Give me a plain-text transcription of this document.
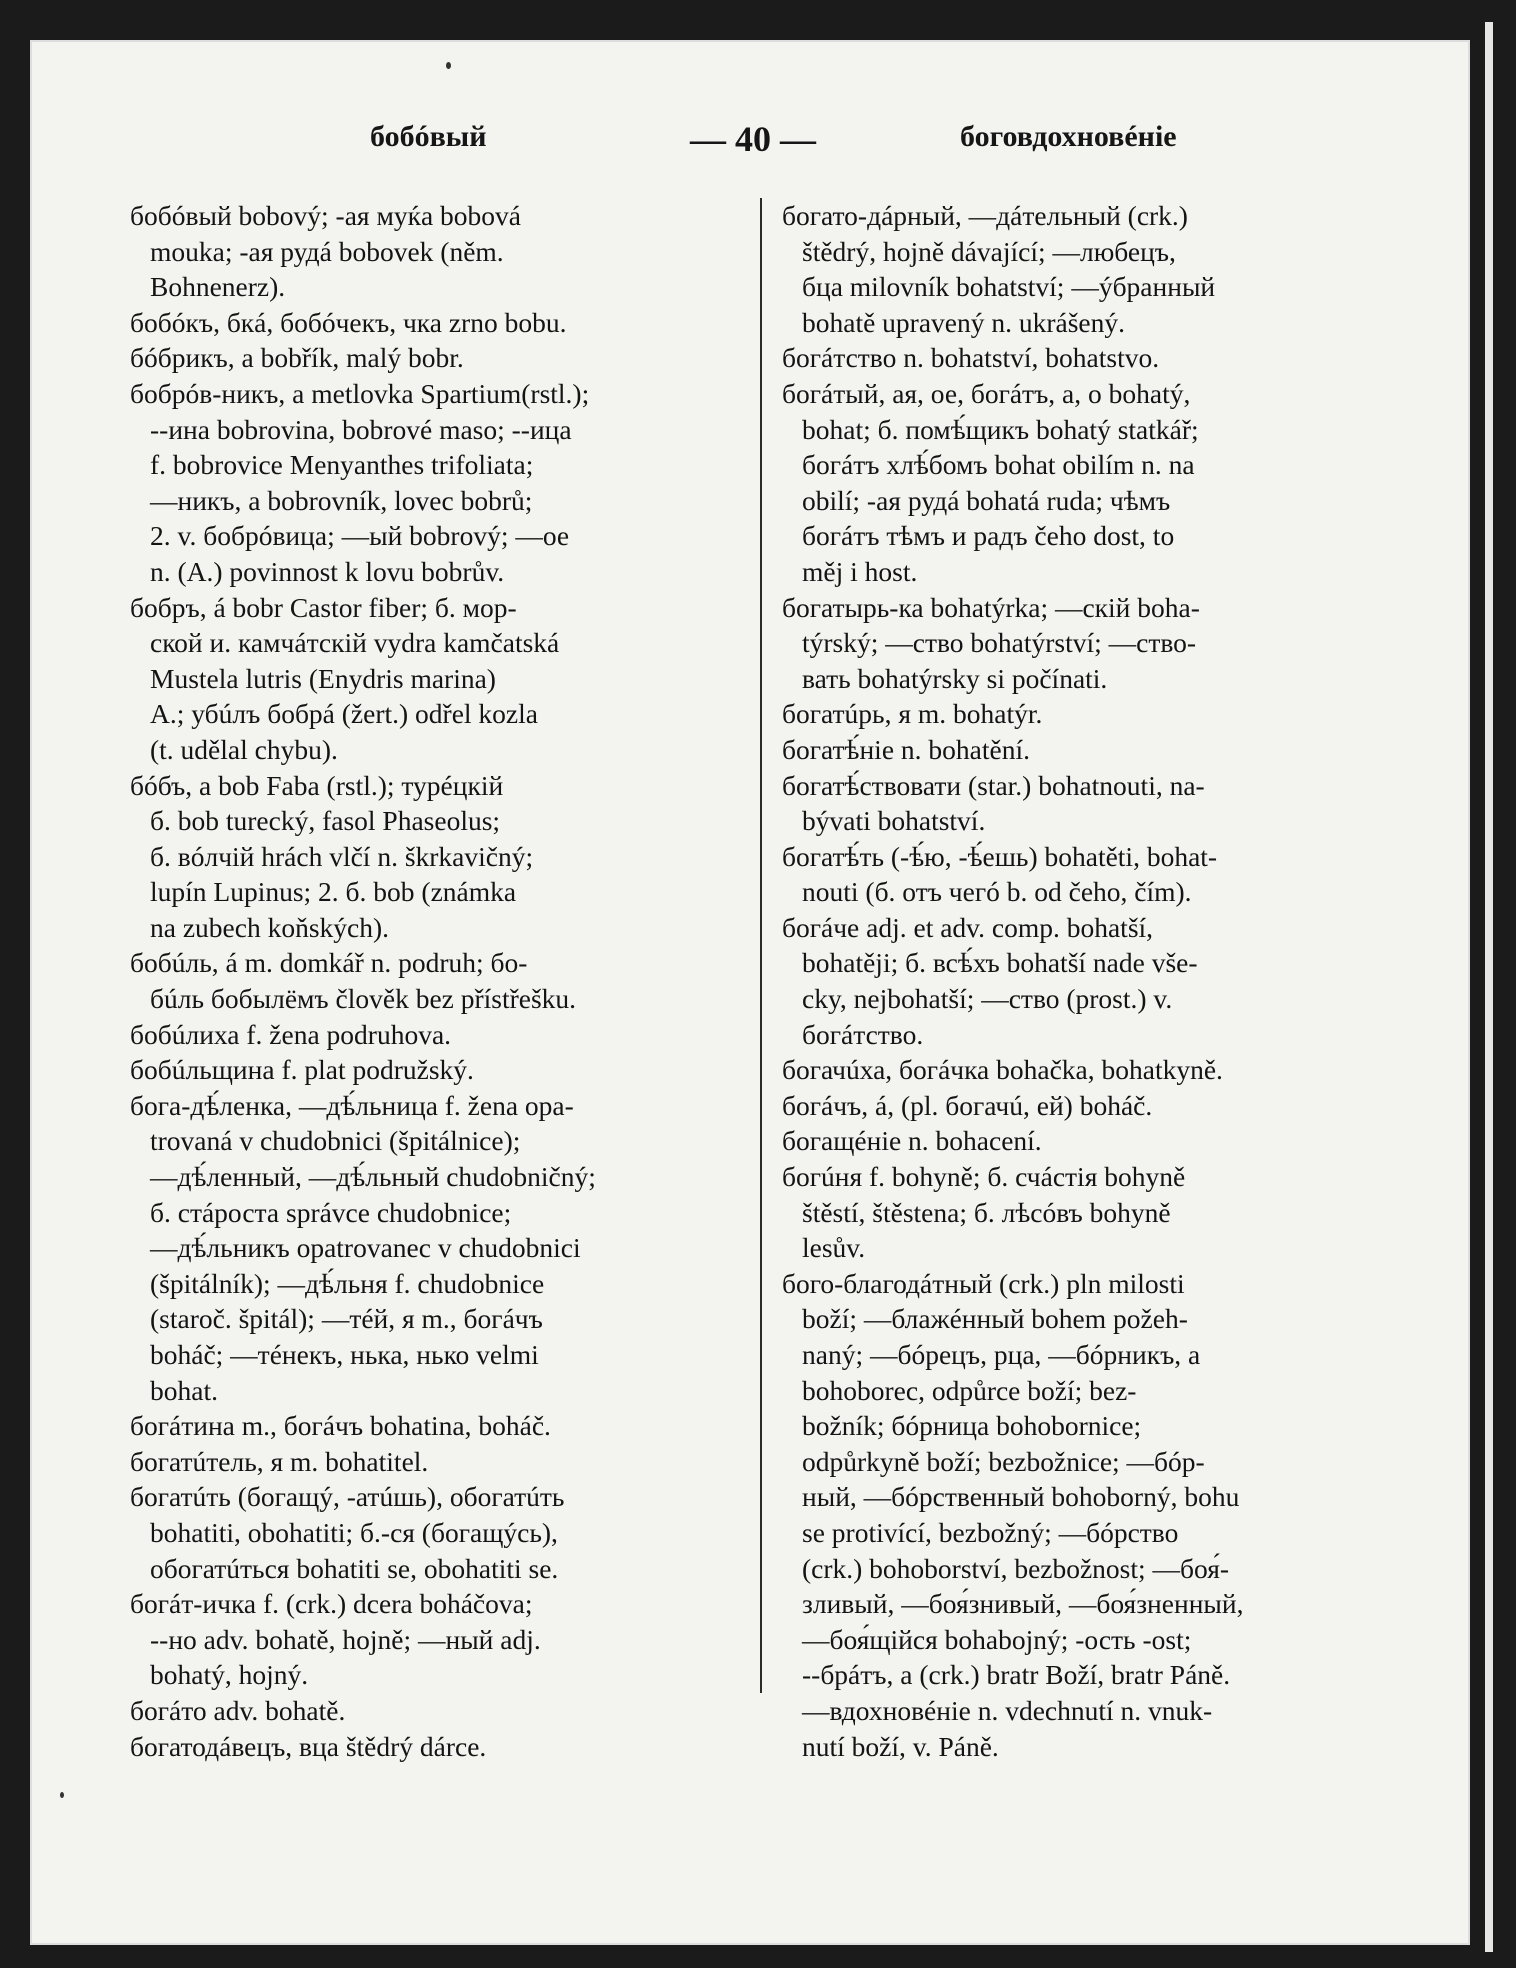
бобóвый	— 40 —	боговдохновéніе
бобóвый bobový; -ая муќа bobová
mouka; -ая рудá bobovek (něm.
Bohnenerz).
бобóкъ, бкá, бобóчекъ, чка zrno bobu.
бóбрикъ, а bobřík, malý bobr.
бобрóв-никъ, a metlovka Spartium(rstl.);
--ина bobrovina, bobrové maso; --ица
f. bobrovice Menyanthes trifoliata;
—никъ, a bobrovník, lovec bobrů;
2. v. бобрóвица; —ый bobrový; —ое
n. (A.) povinnost k lovu bobrův.
бобръ, á bobr Castor fiber; б. мор-
ской и. камчáтскій vydra kamčatská
Mustela lutris (Enydris marina)
A.; убúлъ бобрá (žert.) odřel kozla
(t. udělal chybu).
бóбъ, a bob Faba (rstl.); турéцкій
б. bob turecký, fasol Phaseolus;
б. вóлчій hrách vlčí n. škrkavičný;
lupín Lupinus; 2. б. bob (známka
na zubech koňských).
бобúль, á m. domkář n. podruh; бо-
бúль бобылёмъ člověk bez přístřešku.
бобúлиха f. žena podruhova.
бобúльщина f. plat podružský.
бога-дѣ́ленка, —дѣ́льница f. žena opa-
trovaná v chudobnici (špitálnice);
—дѣ́ленный, —дѣ́льный chudobničný;
б. стáроста správce chudobnice;
—дѣ́льникъ opatrovanec v chudobnici
(špitálník); —дѣ́льня f. chudobnice
(staroč. špitál); —тéй, я m., богáчъ
boháč; —тéнекъ, нька, нько velmi
bohat.
богáтина m., богáчъ bohatina, boháč.
богатúтель, я m. bohatitel.
богатúть (богащý, -атúшь), обогатúть
bohatiti, obohatiti; б.-ся (богащýсь),
обогатúться bohatiti se, obohatiti se.
богáт-ичка f. (crk.) dcera boháčova;
--но adv. bohatě, hojně; —ный adj.
bohatý, hojný.
богáто adv. bohatě.
богатодáвецъ, вца štědrý dárce.
богато-дáрный, —дáтельный (crk.)
štědrý, hojně dávající; —любецъ,
бца milovník bohatství; —ýбранный
bohatě upravený n. ukrášený.
богáтство n. bohatství, bohatstvo.
богáтый, ая, ое, богáтъ, а, о bohatý,
bohat; б. помѣ́щикъ bohatý statkář;
богáтъ хлѣ́бомъ bohat obilím n. na
obilí; -ая рудá bohatá ruda; чѣмъ
богáтъ тѣмъ и радъ čeho dost, to
měj i host.
богатырь-ка bohatýrka; —скій boha-
týrský; —ство bohatýrství; —ство-
вать bohatýrsky si počínati.
богатúрь, я m. bohatýr.
богатѣ́ніе n. bohatění.
богатѣ́ствовати (star.) bohatnouti, na-
bývati bohatství.
богатѣ́ть (-ѣ́ю, -ѣ́ешь) bohatěti, bohat-
nouti (б. отъ чегó b. od čeho, čím).
богáче adj. et adv. comp. bohatší,
bohatěji; б. всѣ́хъ bohatší nade vše-
cky, nejbohatší; —ство (prost.) v.
богáтство.
богачúха, богáчка bohačka, bohatkyně.
богáчъ, á, (pl. богачú, ей) boháč.
богащéніе n. bohacení.
богúня f. bohyně; б. счáстія bohyně
štěstí, štěstena; б. лѣсóвъ bohyně
lesův.
бого-благодáтный (crk.) pln milosti
boží; —блажéнный bohem požeh-
naný; —бóрецъ, рца, —бóрникъ, a
bohoborec, odpůrce boží; bez-
božník; бóрница bohobornice;
odpůrkyně boží; bezbožnice; —бóр-
ный, —бóрственный bohoborný, bohu
se protivící, bezbožný; —бóрство
(crk.) bohoborství, bezbožnost; —боя́-
зливый, —боя́знивый, —боя́зненный,
—боя́щійся bohabojný; -ость -ost;
--брáтъ, a (crk.) bratr Boží, bratr Páně.
—вдохновéніе n. vdechnutí n. vnuk-
nutí boží, v. Páně.
